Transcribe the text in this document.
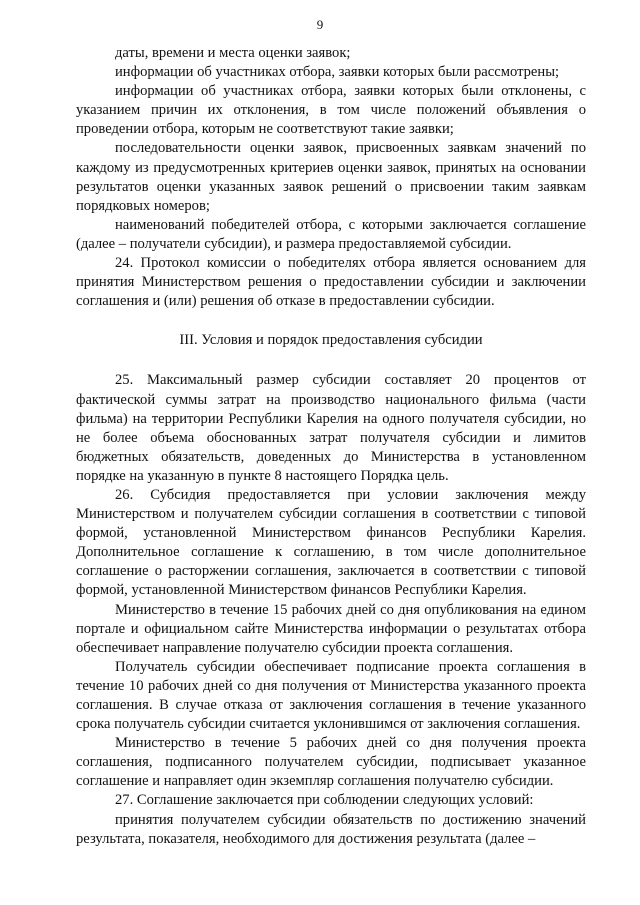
9

даты, времени и места оценки заявок;

информации об участниках отбора, заявки которых были рассмотрены;

информации об участниках отбора, заявки которых были отклонены, с указанием причин их отклонения, в том числе положений объявления о проведении отбора, которым не соответствуют такие заявки;

последовательности оценки заявок, присвоенных заявкам значений по каждому из предусмотренных критериев оценки заявок, принятых на основании результатов оценки указанных заявок решений о присвоении таким заявкам порядковых номеров;

наименований победителей отбора, с которыми заключается соглашение (далее – получатели субсидии), и размера предоставляемой субсидии.

24. Протокол комиссии о победителях отбора является основанием для принятия Министерством решения о предоставлении субсидии и заключении соглашения и (или) решения об отказе в предоставлении субсидии.

III. Условия и порядок предоставления субсидии

25. Максимальный размер субсидии составляет 20 процентов от фактической суммы затрат на производство национального фильма (части фильма) на территории Республики Карелия на одного получателя субсидии, но не более объема обоснованных затрат получателя субсидии и лимитов бюджетных обязательств, доведенных до Министерства в установленном порядке на указанную в пункте 8 настоящего Порядка цель.

26. Субсидия предоставляется при условии заключения между Министерством и получателем субсидии соглашения в соответствии с типовой формой, установленной Министерством финансов Республики Карелия. Дополнительное соглашение к соглашению, в том числе дополнительное соглашение о расторжении соглашения, заключается в соответствии с типовой формой, установленной Министерством финансов Республики Карелия.

Министерство в течение 15 рабочих дней со дня опубликования на едином портале и официальном сайте Министерства информации о результатах отбора обеспечивает направление получателю субсидии проекта соглашения.

Получатель субсидии обеспечивает подписание проекта соглашения в течение 10 рабочих дней со дня получения от Министерства указанного проекта соглашения. В случае отказа от заключения соглашения в течение указанного срока получатель субсидии считается уклонившимся от заключения соглашения.

Министерство в течение 5 рабочих дней со дня получения проекта соглашения, подписанного получателем субсидии, подписывает указанное соглашение и направляет один экземпляр соглашения получателю субсидии.

27. Соглашение заключается при соблюдении следующих условий:

принятия получателем субсидии обязательств по достижению значений результата, показателя, необходимого для достижения результата (далее –
